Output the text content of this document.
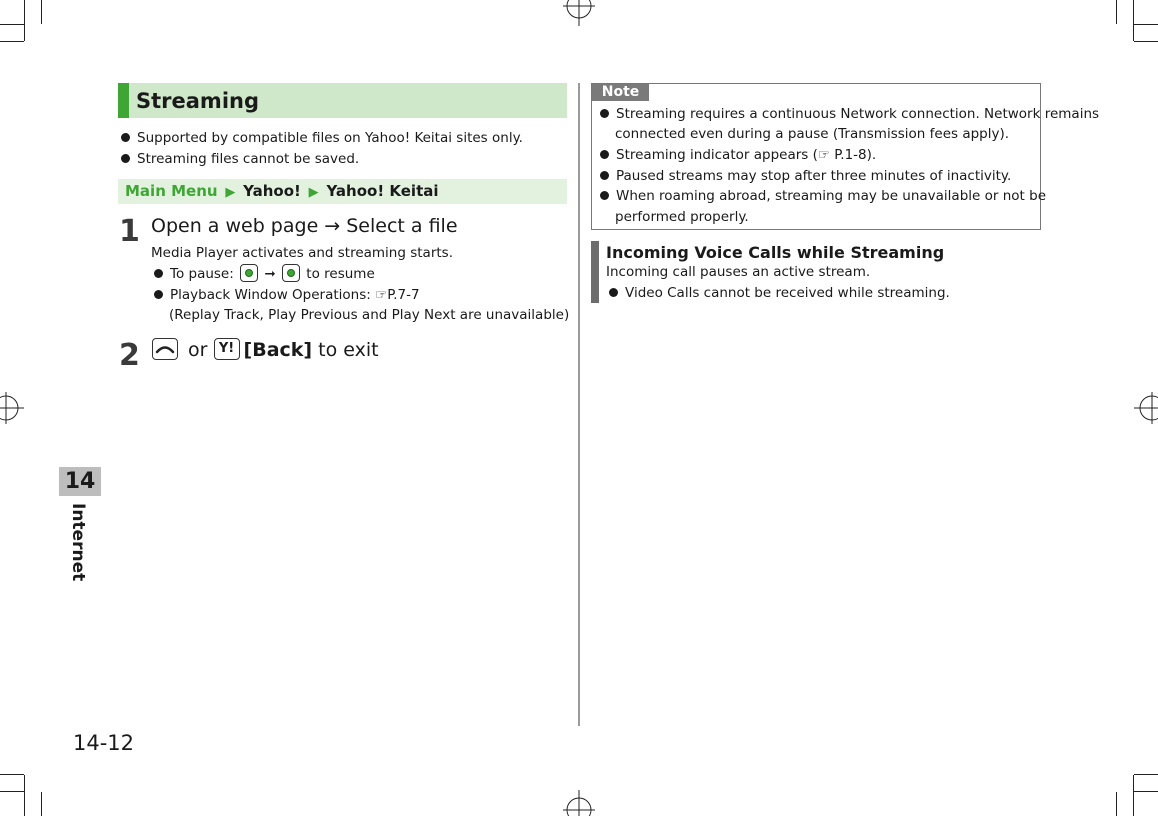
Streaming
Supported by compatible files on Yahoo! Keitai sites only.
Streaming files cannot be saved.
Main Menu ▶ Yahoo! ▶ Yahoo! Keitai
1 Open a web page → Select a file
Media Player activates and streaming starts.
To pause: ➞ to resume
Playback Window Operations: ☞P.7-7
(Replay Track, Play Previous and Play Next are unavailable)
2	or Y! [Back] to exit
Note
Streaming requires a continuous Network connection. Network remains
connected even during a pause (Transmission fees apply).
Streaming indicator appears (☞ P.1-8).
Paused streams may stop after three minutes of inactivity.
When roaming abroad, streaming may be unavailable or not be
performed properly.
Incoming Voice Calls while Streaming
Incoming call pauses an active stream.
Video Calls cannot be received while streaming.
14
Internet
14-12
